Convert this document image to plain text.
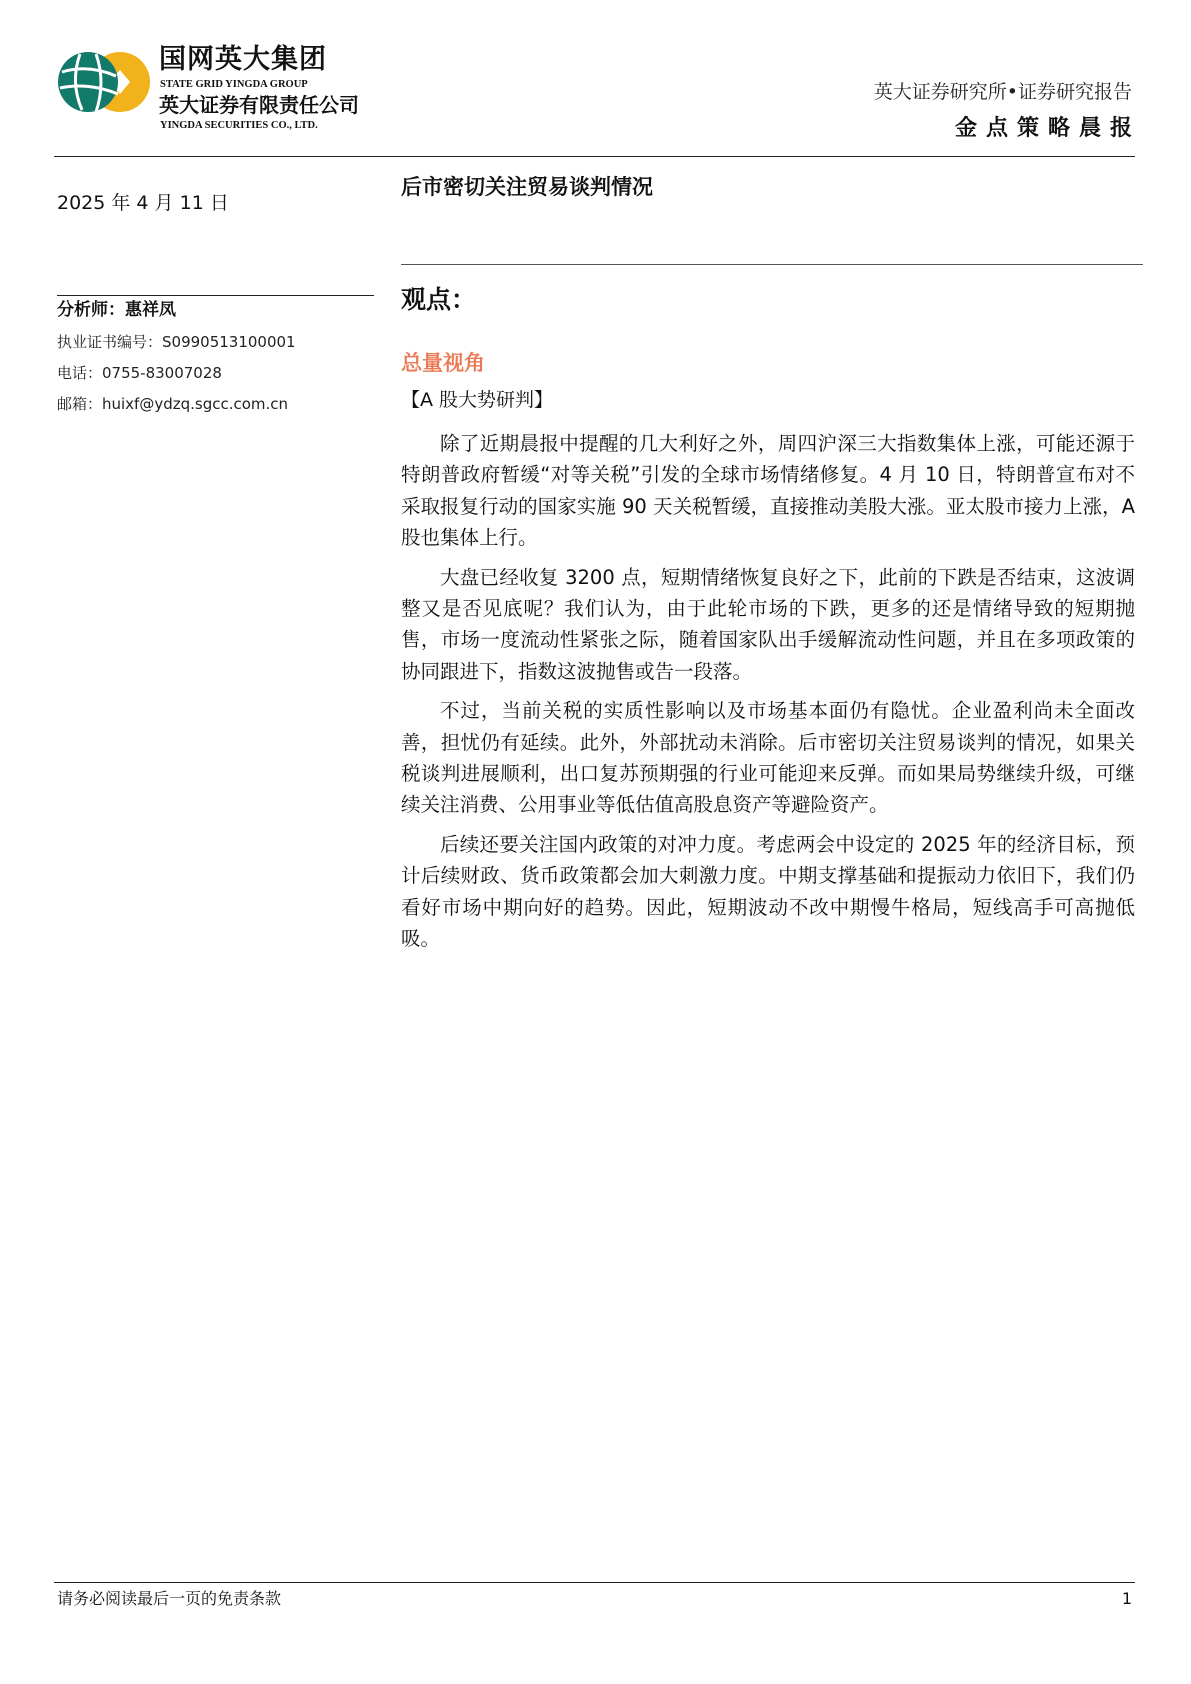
国网英大集团
STATE GRID YINGDA GROUP
英大证券有限责任公司
YINGDA SECURITIES CO., LTD.
英大证券研究所•证券研究报告
金点策略晨报
2025 年 4 月 11 日
后市密切关注贸易谈判情况
分析师：惠祥凤
执业证书编号：S0990513100001
电话：0755-83007028
邮箱：huixf@ydzq.sgcc.com.cn
观点：
总量视角
【A 股大势研判】

除了近期晨报中提醒的几大利好之外，周四沪深三大指数集体上涨，可能还源于特朗普政府暂缓“对等关税”引发的全球市场情绪修复。4 月 10 日，特朗普宣布对不采取报复行动的国家实施 90 天关税暂缓，直接推动美股大涨。亚太股市接力上涨，A 股也集体上行。

大盘已经收复 3200 点，短期情绪恢复良好之下，此前的下跌是否结束，这波调整又是否见底呢？我们认为，由于此轮市场的下跌，更多的还是情绪导致的短期抛售，市场一度流动性紧张之际，随着国家队出手缓解流动性问题，并且在多项政策的协同跟进下，指数这波抛售或告一段落。

不过，当前关税的实质性影响以及市场基本面仍有隐忧。企业盈利尚未全面改善，担忧仍有延续。此外，外部扰动未消除。后市密切关注贸易谈判的情况，如果关税谈判进展顺利，出口复苏预期强的行业可能迎来反弹。而如果局势继续升级，可继续关注消费、公用事业等低估值高股息资产等避险资产。

后续还要关注国内政策的对冲力度。考虑两会中设定的 2025 年的经济目标，预计后续财政、货币政策都会加大刺激力度。中期支撑基础和提振动力依旧下，我们仍看好市场中期向好的趋势。因此，短期波动不改中期慢牛格局，短线高手可高抛低吸。

请务必阅读最后一页的免责条款	1
